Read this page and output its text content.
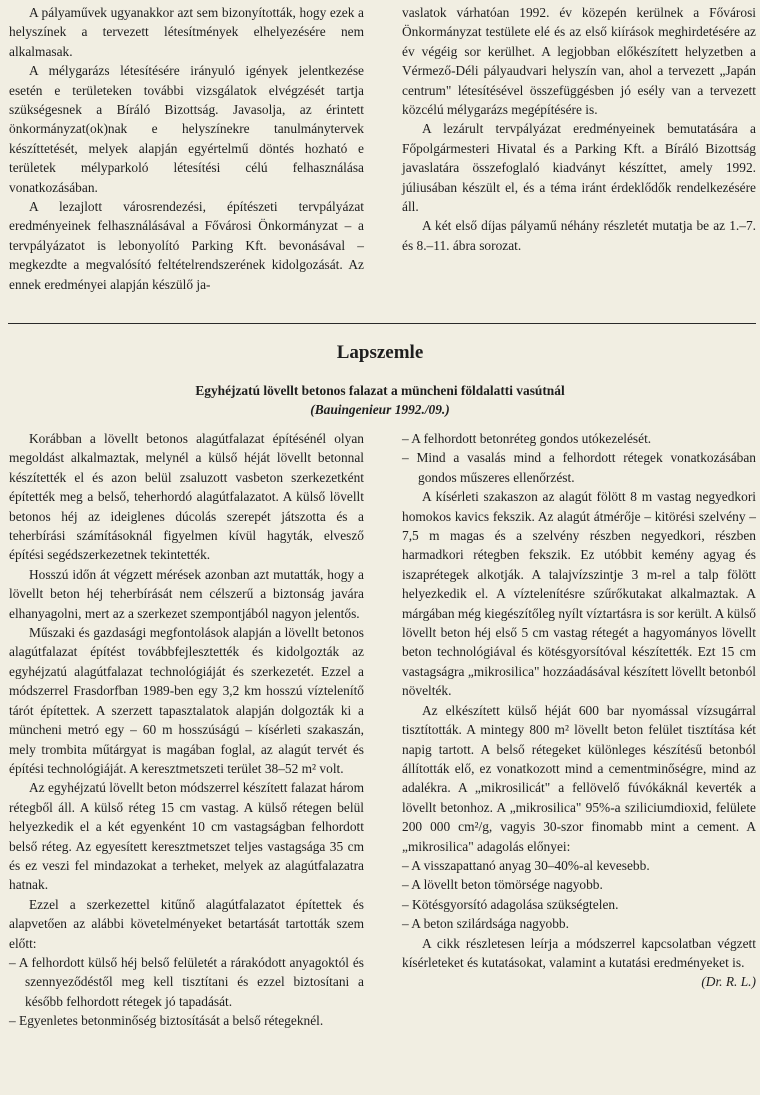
A pályaművek ugyanakkor azt sem bizonyították, hogy ezek a helyszínek a tervezett létesítmények elhelyezésére nem alkalmasak.

A mélygarázs létesítésére irányuló igények jelentkezése esetén e területeken további vizsgálatok elvégzését tartja szükségesnek a Bíráló Bizottság. Javasolja, az érintett önkormányzat(ok)nak e helyszínekre tanulmánytervek készíttetését, melyek alapján egyértelmű döntés hozható e területek mélyparkoló létesítési célú felhasználása vonatkozásában.

A lezajlott városrendezési, építészeti tervpályázat eredményeinek felhasználásával a Fővárosi Önkormányzat – a tervpályázatot is lebonyolító Parking Kft. bevonásával – megkezdte a megvalósító feltételrendszerének kidolgozását. Az ennek eredményei alapján készülő ja-

vaslatok várhatóan 1992. év közepén kerülnek a Fővárosi Önkormányzat testülete elé és az első kiírások meghirdetésére az év végéig sor kerülhet. A legjobban előkészített helyzetben a Vérmező-Déli pályaudvari helyszín van, ahol a tervezett „Japán centrum" létesítésével összefüggésben jó esély van a tervezett közcélú mélygarázs megépítésére is.

A lezárult tervpályázat eredményeinek bemutatására a Főpolgármesteri Hivatal és a Parking Kft. a Bíráló Bizottság javaslatára összefoglaló kiadványt készíttet, amely 1992. júliusában készült el, és a téma iránt érdeklődők rendelkezésére áll.

A két első díjas pályamű néhány részletét mutatja be az 1.–7. és 8.–11. ábra sorozat.

Lapszemle
Egyhéjzatú lövellt betonos falazat a müncheni földalatti vasútnál
(Bauingenieur 1992./09.)

Korábban a lövellt betonos alagútfalazat építésénél olyan megoldást alkalmaztak, melynél a külső héját lövellt betonnal készítették el és azon belül zsaluzott vasbeton szerkezetként építették meg a belső, teherhordó alagútfalazatot. A külső lövellt betonos héj az ideiglenes dúcolás szerepét játszotta és a teherbírási számításoknál figyelmen kívül hagyták, elvesző építési segédszerkezetnek tekintették.

Hosszú időn át végzett mérések azonban azt mutatták, hogy a lövellt beton héj teherbírását nem célszerű a biztonság javára elhanyagolni, mert az a szerkezet szempontjából nagyon jelentős.

Műszaki és gazdasági megfontolások alapján a lövellt betonos alagútfalazat építést továbbfejlesztették és kidolgozták az egyhéjzatú alagútfalazat technológiáját és szerkezetét. Ezzel a módszerrel Frasdorfban 1989-ben egy 3,2 km hosszú víztelenítő tárót építettek. A szerzett tapasztalatok alapján dolgozták ki a müncheni metró egy – 60 m hosszúságú – kísérleti szakaszán, mely trombita műtárgyat is magában foglal, az alagút tervét és építési technológiáját. A keresztmetszeti terület 38–52 m² volt.

Az egyhéjzatú lövellt beton módszerrel készített falazat három rétegből áll. A külső réteg 15 cm vastag. A külső rétegen belül helyezkedik el a két egyenként 10 cm vastagságban felhordott belső réteg. Az egyesített keresztmetszet teljes vastagsága 35 cm és ez veszi fel mindazokat a terheket, melyek az alagútfalazatra hatnak.

Ezzel a szerkezettel kitűnő alagútfalazatot építettek és alapvetően az alábbi követelményeket betartását tartották szem előtt:

– A felhordott külső héj belső felületét a rárakódott anyagoktól és szennyeződéstől meg kell tisztítani és ezzel biztosítani a később felhordott rétegek jó tapadását.

– Egyenletes betonminőség biztosítását a belső rétegeknél.

– A felhordott betonréteg gondos utókezelését.

– Mind a vasalás mind a felhordott rétegek vonatkozásában gondos műszeres ellenőrzést.

A kísérleti szakaszon az alagút fölött 8 m vastag negyedkori homokos kavics fekszik. Az alagút átmérője – kitörési szelvény – 7,5 m magas és a szelvény részben negyedkori, részben harmadkori rétegben fekszik. Ez utóbbit kemény agyag és iszaprétegek alkotják. A talajvízszintje 3 m-rel a talp fölött helyezkedik el. A víztelenítésre szűrőkutakat alkalmaztak. A márgában még kiegészítőleg nyílt víztartásra is sor került. A külső lövellt beton héj első 5 cm vastag rétegét a hagyományos lövellt beton technológiával és kötésgyorsítóval készítették. Ezt 15 cm vastagságra „mikrosilica" hozzáadásával készített lövellt betonból növelték.

Az elkészített külső héját 600 bar nyomással vízsugárral tisztították. A mintegy 800 m² lövellt beton felület tisztítása két napig tartott. A belső rétegeket különleges készítésű betonból állították elő, ez vonatkozott mind a cementminőségre, mind az adalékra. A „mikrosilicát" a fellövelő fúvókáknál keverték a lövellt betonhoz. A „mikrosilica" 95%-a sziliciumdioxid, felülete 200 000 cm²/g, vagyis 30-szor finomabb mint a cement. A „mikrosilica" adagolás előnyei:

– A visszapattanó anyag 30–40%-al kevesebb.

– A lövellt beton tömörsége nagyobb.

– Kötésgyorsító adagolása szükségtelen.

– A beton szilárdsága nagyobb.

A cikk részletesen leírja a módszerrel kapcsolatban végzett kísérleteket és kutatásokat, valamint a kutatási eredményeket is.

(Dr. R. L.)
